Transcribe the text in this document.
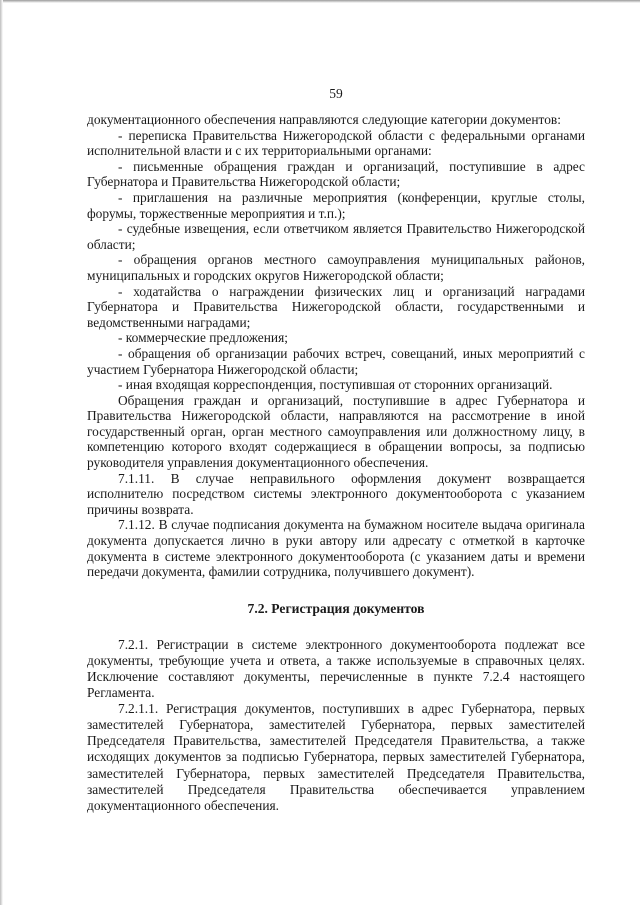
59

документационного обеспечения направляются следующие категории документов:

- переписка Правительства Нижегородской области с федеральными органами исполнительной власти и с их территориальными органами:

- письменные обращения граждан и организаций, поступившие в адрес Губернатора и Правительства Нижегородской области;

- приглашения на различные мероприятия (конференции, круглые столы, форумы, торжественные мероприятия и т.п.);

- судебные извещения, если ответчиком является Правительство Нижегородской области;

- обращения органов местного самоуправления муниципальных районов, муниципальных и городских округов Нижегородской области;

- ходатайства о награждении физических лиц и организаций наградами Губернатора и Правительства Нижегородской области, государственными и ведомственными наградами;

- коммерческие предложения;

- обращения об организации рабочих встреч, совещаний, иных мероприятий с участием Губернатора Нижегородской области;

- иная входящая корреспонденция, поступившая от сторонних организаций.

Обращения граждан и организаций, поступившие в адрес Губернатора и Правительства Нижегородской области, направляются на рассмотрение в иной государственный орган, орган местного самоуправления или должностному лицу, в компетенцию которого входят содержащиеся в обращении вопросы, за подписью руководителя управления документационного обеспечения.

7.1.11. В случае неправильного оформления документ возвращается исполнителю посредством системы электронного документооборота с указанием причины возврата.

7.1.12. В случае подписания документа на бумажном носителе выдача оригинала документа допускается лично в руки автору или адресату с отметкой в карточке документа в системе электронного документооборота (с указанием даты и времени передачи документа, фамилии сотрудника, получившего документ).

7.2. Регистрация документов

7.2.1. Регистрации в системе электронного документооборота подлежат все документы, требующие учета и ответа, а также используемые в справочных целях. Исключение составляют документы, перечисленные в пункте 7.2.4 настоящего Регламента.

7.2.1.1. Регистрация документов, поступивших в адрес Губернатора, первых заместителей Губернатора, заместителей Губернатора, первых заместителей Председателя Правительства, заместителей Председателя Правительства, а также исходящих документов за подписью Губернатора, первых заместителей Губернатора, заместителей Губернатора, первых заместителей Председателя Правительства, заместителей Председателя Правительства обеспечивается управлением документационного обеспечения.
